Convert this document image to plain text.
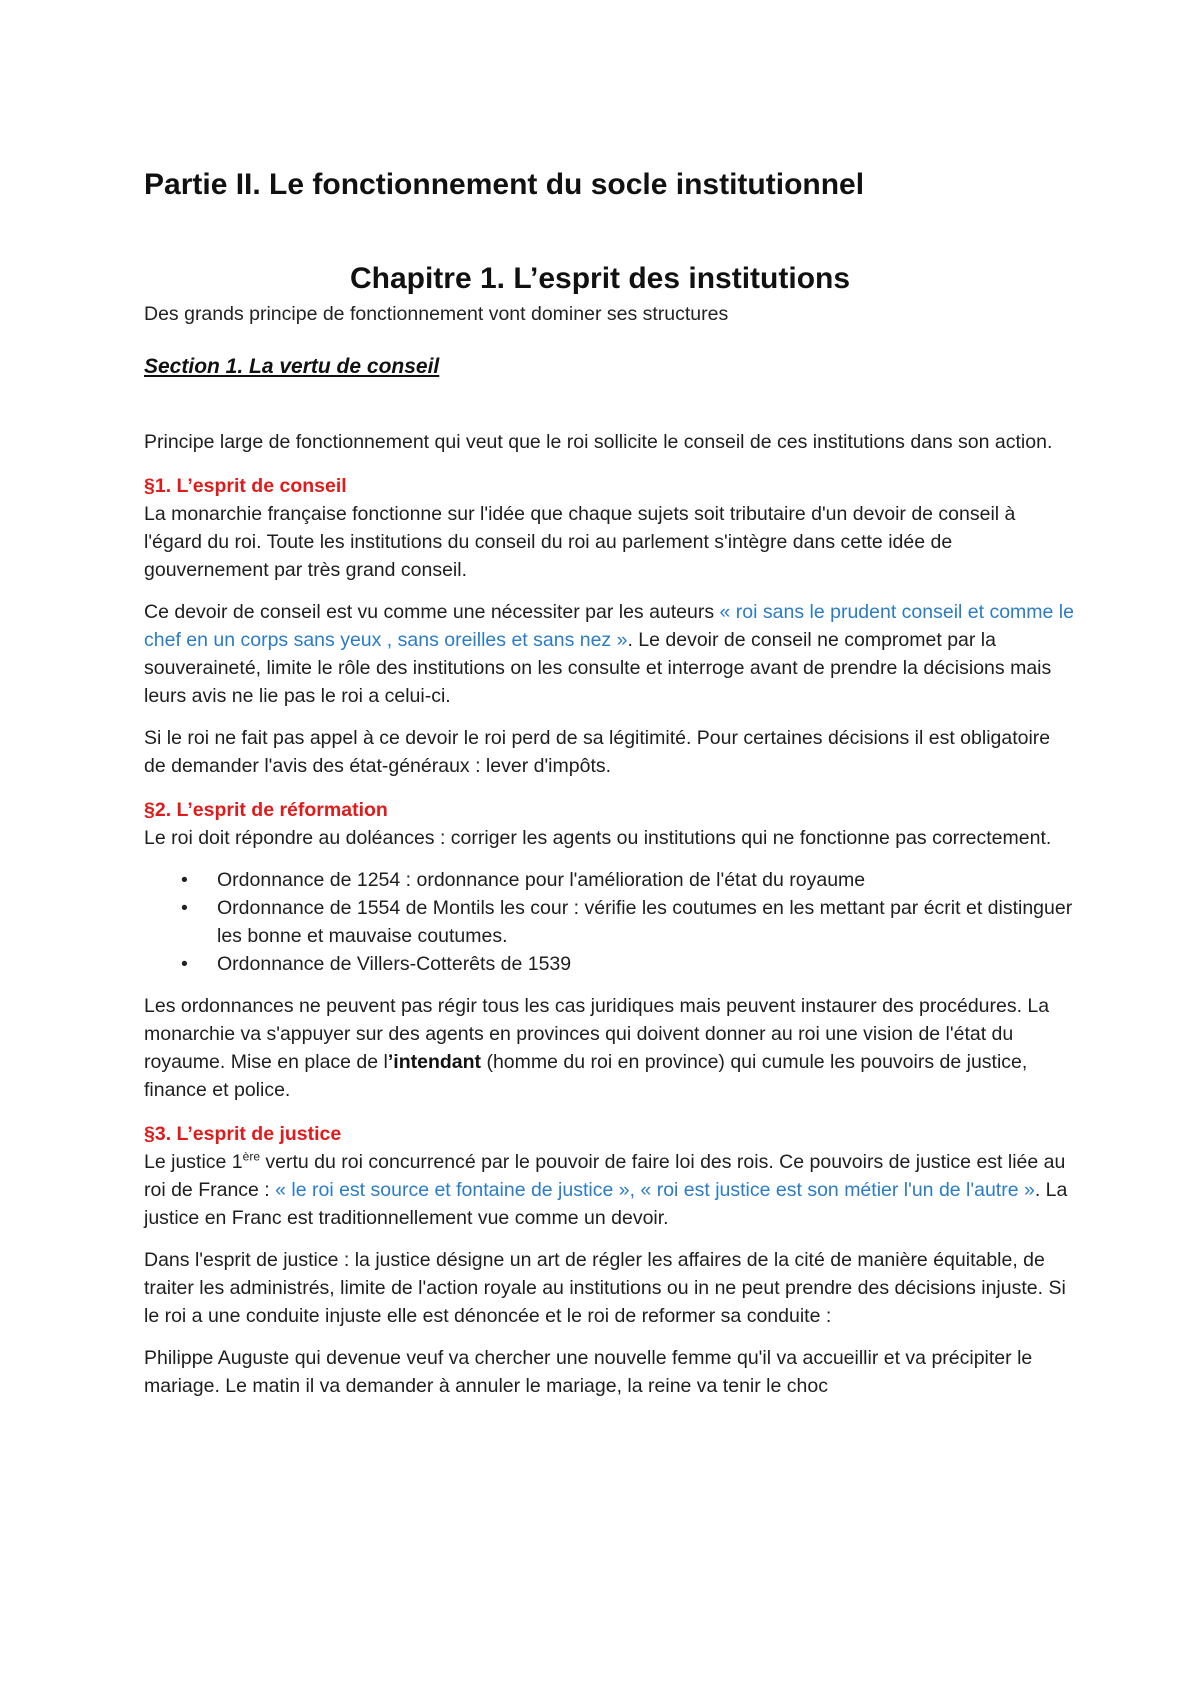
Partie II. Le fonctionnement du socle institutionnel
Chapitre 1. L’esprit des institutions

Des grands principe de fonctionnement vont dominer ses structures

Section 1. La vertu de conseil

Principe large de fonctionnement qui veut que le roi sollicite le conseil de ces institutions dans son action.

§1. L’esprit de conseil
La monarchie française fonctionne sur l'idée que chaque sujets soit tributaire d'un devoir de conseil à l'égard du roi. Toute les institutions du conseil du roi au parlement s'intègre dans cette idée de gouvernement par très grand conseil.

Ce devoir de conseil est vu comme une nécessiter par les auteurs « roi sans le prudent conseil et comme le chef en un corps sans yeux , sans oreilles et sans nez ». Le devoir de conseil ne compromet par la souveraineté, limite le rôle des institutions on les consulte et interroge avant de prendre la décisions mais leurs avis ne lie pas le roi a celui-ci.

Si le roi ne fait pas appel à ce devoir le roi perd de sa légitimité. Pour certaines décisions il est obligatoire de demander l'avis des état-généraux : lever d'impôts.

§2. L’esprit de réformation
Le roi doit répondre au doléances : corriger les agents ou institutions qui ne fonctionne pas correctement.

• Ordonnance de 1254 : ordonnance pour l'amélioration de l'état du royaume
• Ordonnance de 1554 de Montils les cour : vérifie les coutumes en les mettant par écrit et distinguer les bonne et mauvaise coutumes.
• Ordonnance de Villers-Cotterêts de 1539

Les ordonnances ne peuvent pas régir tous les cas juridiques mais peuvent instaurer des procédures. La monarchie va s'appuyer sur des agents en provinces qui doivent donner au roi une vision de l'état du royaume. Mise en place de l’intendant (homme du roi en province) qui cumule les pouvoirs de justice, finance et police.

§3. L’esprit de justice
Le justice 1ère vertu du roi concurrencé par le pouvoir de faire loi des rois. Ce pouvoirs de justice est liée au roi de France : « le roi est source et fontaine de justice », « roi est justice est son métier l'un de l'autre ». La justice en Franc est traditionnellement vue comme un devoir.

Dans l'esprit de justice : la justice désigne un art de régler les affaires de la cité de manière équitable, de traiter les administrés, limite de l'action royale au institutions ou in ne peut prendre des décisions injuste. Si le roi a une conduite injuste elle est dénoncée et le roi de reformer sa conduite :

Philippe Auguste qui devenue veuf va chercher une nouvelle femme qu'il va accueillir et va précipiter le mariage. Le matin il va demander à annuler le mariage, la reine va tenir le choc
